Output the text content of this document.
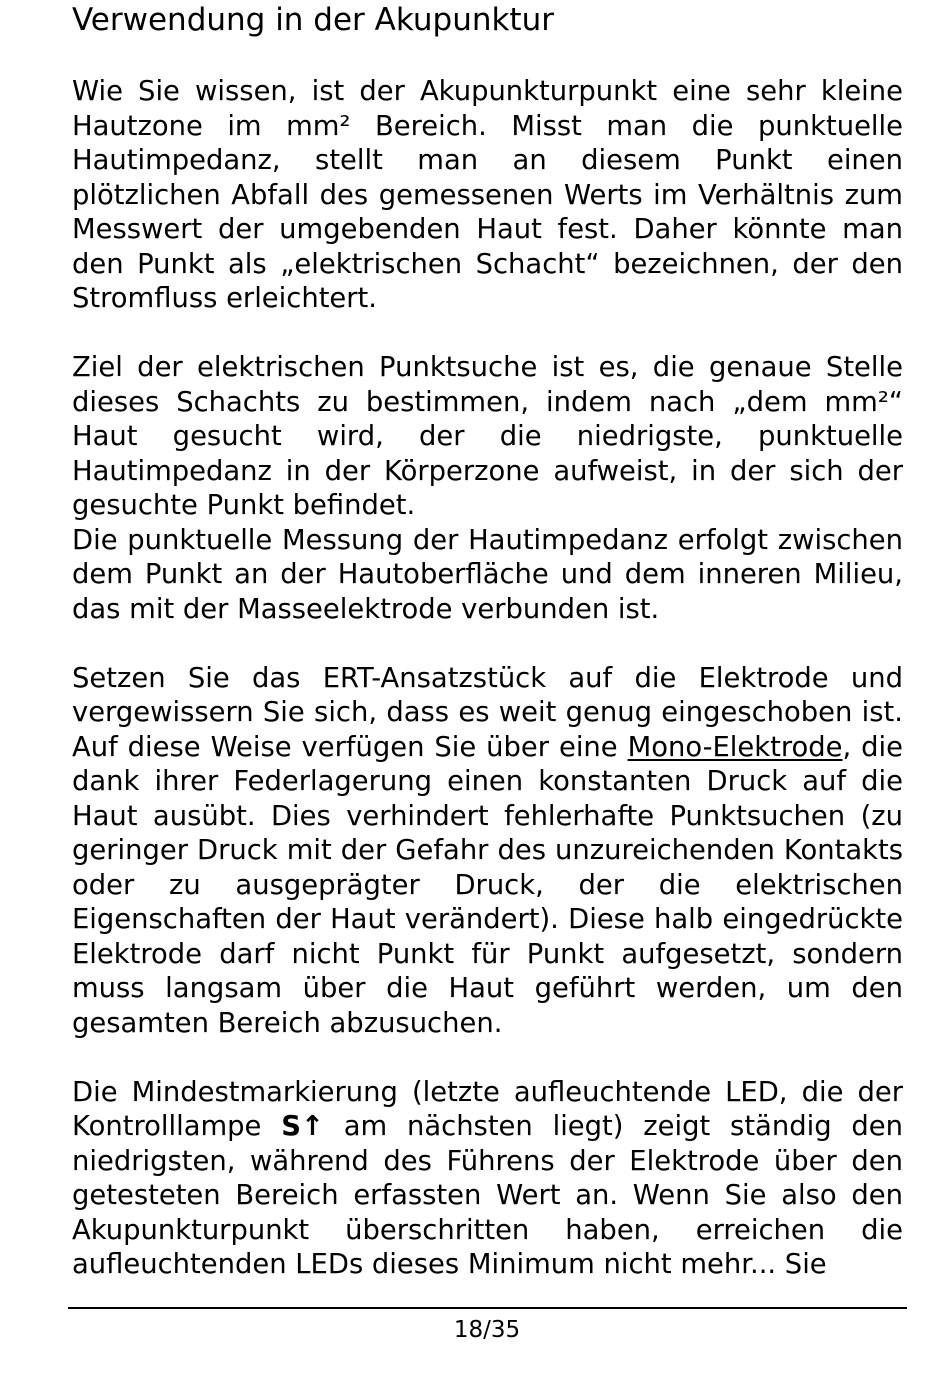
Verwendung in der Akupunktur

Wie Sie wissen, ist der Akupunkturpunkt eine sehr kleine Hautzone im mm² Bereich. Misst man die punktuelle Hautimpedanz, stellt man an diesem Punkt einen plötzlichen Abfall des gemessenen Werts im Verhältnis zum Messwert der umgebenden Haut fest. Daher könnte man den Punkt als „elektrischen Schacht“ bezeichnen, der den Stromfluss erleichtert.

Ziel der elektrischen Punktsuche ist es, die genaue Stelle dieses Schachts zu bestimmen, indem nach „dem mm²“ Haut gesucht wird, der die niedrigste, punktuelle Hautimpedanz in der Körperzone aufweist, in der sich der gesuchte Punkt befindet.

Die punktuelle Messung der Hautimpedanz erfolgt zwischen dem Punkt an der Hautoberfläche und dem inneren Milieu, das mit der Masseelektrode verbunden ist.

Setzen Sie das ERT-Ansatzstück auf die Elektrode und vergewissern Sie sich, dass es weit genug eingeschoben ist. Auf diese Weise verfügen Sie über eine Mono-Elektrode, die dank ihrer Federlagerung einen konstanten Druck auf die Haut ausübt. Dies verhindert fehlerhafte Punktsuchen (zu geringer Druck mit der Gefahr des unzureichenden Kontakts oder zu ausgeprägter Druck, der die elektrischen Eigenschaften der Haut verändert). Diese halb eingedrückte Elektrode darf nicht Punkt für Punkt aufgesetzt, sondern muss langsam über die Haut geführt werden, um den gesamten Bereich abzusuchen.

Die Mindestmarkierung (letzte aufleuchtende LED, die der Kontrolllampe S↑ am nächsten liegt) zeigt ständig den niedrigsten, während des Führens der Elektrode über den getesteten Bereich erfassten Wert an. Wenn Sie also den Akupunkturpunkt überschritten haben, erreichen die aufleuchtenden LEDs dieses Minimum nicht mehr... Sie

18/35
